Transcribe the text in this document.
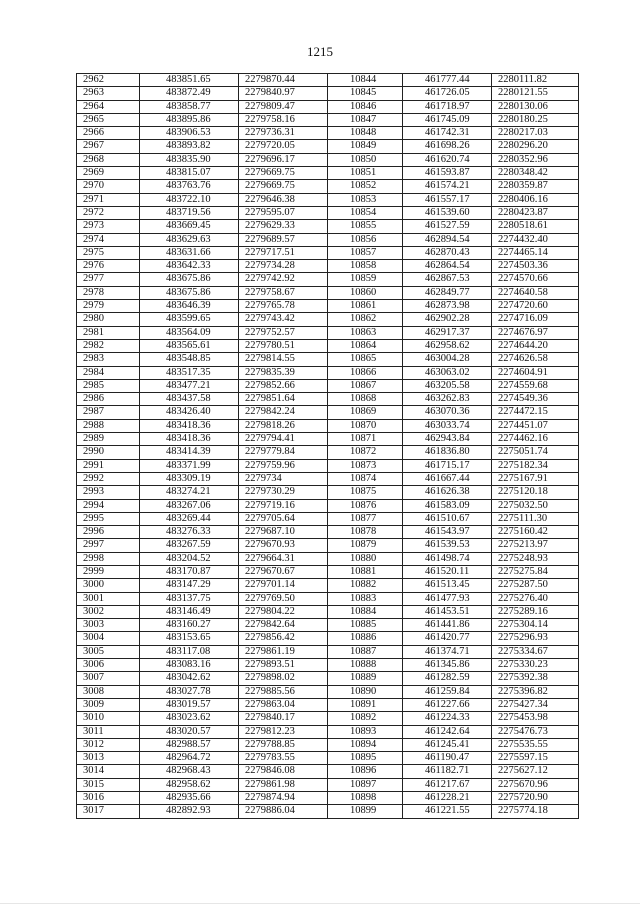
1215
2962	483851.65	2279870.44	10844	461777.44	2280111.82
2963	483872.49	2279840.97	10845	461726.05	2280121.55
2964	483858.77	2279809.47	10846	461718.97	2280130.06
2965	483895.86	2279758.16	10847	461745.09	2280180.25
2966	483906.53	2279736.31	10848	461742.31	2280217.03
2967	483893.82	2279720.05	10849	461698.26	2280296.20
2968	483835.90	2279696.17	10850	461620.74	2280352.96
2969	483815.07	2279669.75	10851	461593.87	2280348.42
2970	483763.76	2279669.75	10852	461574.21	2280359.87
2971	483722.10	2279646.38	10853	461557.17	2280406.16
2972	483719.56	2279595.07	10854	461539.60	2280423.87
2973	483669.45	2279629.33	10855	461527.59	2280518.61
2974	483629.63	2279689.57	10856	462894.54	2274432.40
2975	483631.66	2279717.51	10857	462870.43	2274465.14
2976	483642.33	2279734.28	10858	462864.54	2274503.36
2977	483675.86	2279742.92	10859	462867.53	2274570.66
2978	483675.86	2279758.67	10860	462849.77	2274640.58
2979	483646.39	2279765.78	10861	462873.98	2274720.60
2980	483599.65	2279743.42	10862	462902.28	2274716.09
2981	483564.09	2279752.57	10863	462917.37	2274676.97
2982	483565.61	2279780.51	10864	462958.62	2274644.20
2983	483548.85	2279814.55	10865	463004.28	2274626.58
2984	483517.35	2279835.39	10866	463063.02	2274604.91
2985	483477.21	2279852.66	10867	463205.58	2274559.68
2986	483437.58	2279851.64	10868	463262.83	2274549.36
2987	483426.40	2279842.24	10869	463070.36	2274472.15
2988	483418.36	2279818.26	10870	463033.74	2274451.07
2989	483418.36	2279794.41	10871	462943.84	2274462.16
2990	483414.39	2279779.84	10872	461836.80	2275051.74
2991	483371.99	2279759.96	10873	461715.17	2275182.34
2992	483309.19	2279734	10874	461667.44	2275167.91
2993	483274.21	2279730.29	10875	461626.38	2275120.18
2994	483267.06	2279719.16	10876	461583.09	2275032.50
2995	483269.44	2279705.64	10877	461510.67	2275111.30
2996	483276.33	2279687.10	10878	461543.97	2275160.42
2997	483267.59	2279670.93	10879	461539.53	2275213.97
2998	483204.52	2279664.31	10880	461498.74	2275248.93
2999	483170.87	2279670.67	10881	461520.11	2275275.84
3000	483147.29	2279701.14	10882	461513.45	2275287.50
3001	483137.75	2279769.50	10883	461477.93	2275276.40
3002	483146.49	2279804.22	10884	461453.51	2275289.16
3003	483160.27	2279842.64	10885	461441.86	2275304.14
3004	483153.65	2279856.42	10886	461420.77	2275296.93
3005	483117.08	2279861.19	10887	461374.71	2275334.67
3006	483083.16	2279893.51	10888	461345.86	2275330.23
3007	483042.62	2279898.02	10889	461282.59	2275392.38
3008	483027.78	2279885.56	10890	461259.84	2275396.82
3009	483019.57	2279863.04	10891	461227.66	2275427.34
3010	483023.62	2279840.17	10892	461224.33	2275453.98
3011	483020.57	2279812.23	10893	461242.64	2275476.73
3012	482988.57	2279788.85	10894	461245.41	2275535.55
3013	482964.72	2279783.55	10895	461190.47	2275597.15
3014	482968.43	2279846.08	10896	461182.71	2275627.12
3015	482958.62	2279861.98	10897	461217.67	2275670.96
3016	482935.66	2279874.94	10898	461228.21	2275720.90
3017	482892.93	2279886.04	10899	461221.55	2275774.18
